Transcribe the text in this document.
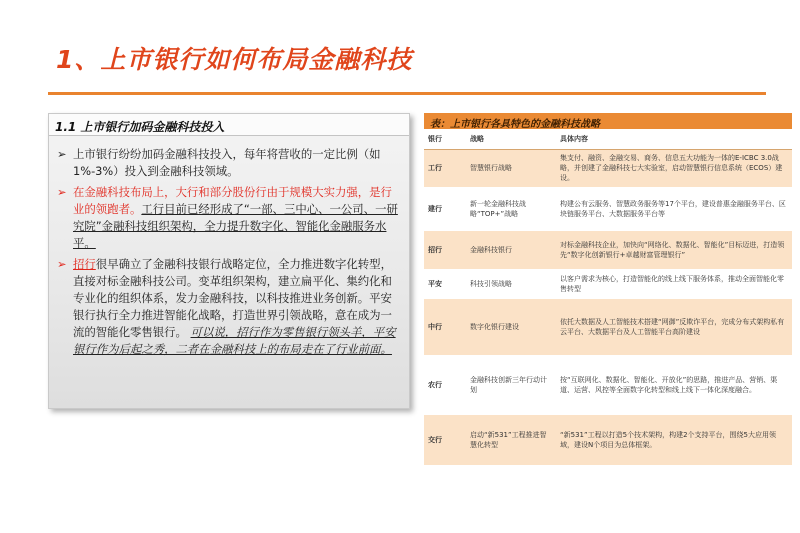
1、上市银行如何布局金融科技
1.1 上市银行加码金融科技投入
➢ 上市银行纷纷加码金融科技投入，每年将营收的一定比例（如1%-3%）投入到金融科技领域。
➢ 在金融科技布局上，大行和部分股份行由于规模大实力强，是行业的领跑者。工行目前已经形成了“一部、三中心、一公司、一研究院”金融科技组织架构，全力提升数字化、智能化金融服务水平。
➢ 招行很早确立了金融科技银行战略定位，全力推进数字化转型，直接对标金融科技公司。变革组织架构，建立扁平化、集约化和专业化的组织体系，发力金融科技，以科技推进业务创新。平安银行执行全力推进智能化战略，打造世界引领战略，意在成为一流的智能化零售银行。 可以说，招行作为零售银行领头羊，平安银行作为后起之秀，二者在金融科技上的布局走在了行业前面。
表：上市银行各具特色的金融科技战略
银行	战略	具体内容
工行	智慧银行战略	集支付、融资、金融交易、商务、信息五大功能为一体的E-ICBC 3.0战略，并创建了金融科技七大实验室，启动智慧银行信息系统（ECOS）建设。
建行	新一轮金融科技战略“TOP+”战略	构建公有云服务、智慧政务服务等17个平台，建设普惠金融服务平台、区块链服务平台、大数据服务平台等
招行	金融科技银行	对标金融科技企业，加快向“网络化、数据化、智能化”目标迈进，打造领先“数字化创新银行+卓越财富管理银行”
平安	科技引领战略	以客户需求为核心，打造智能化的线上线下服务体系，推动全面智能化零售转型
中行	数字化银行建设	依托大数据及人工智能技术搭建“网御”反欺诈平台，完成分布式架构私有云平台、大数据平台及人工智能平台高阶建设
农行	金融科技创新三年行动计划	按“互联网化、数据化、智能化、开放化”的思路，推进产品、营销、渠道、运营、风控等全面数字化转型和线上线下一体化深度融合。
交行	启动“新531”工程推进智慧化转型	“新531”工程以打造5个技术架构，构建2个支持平台，围绕5大应用领域，建设N个项目为总体框架。
